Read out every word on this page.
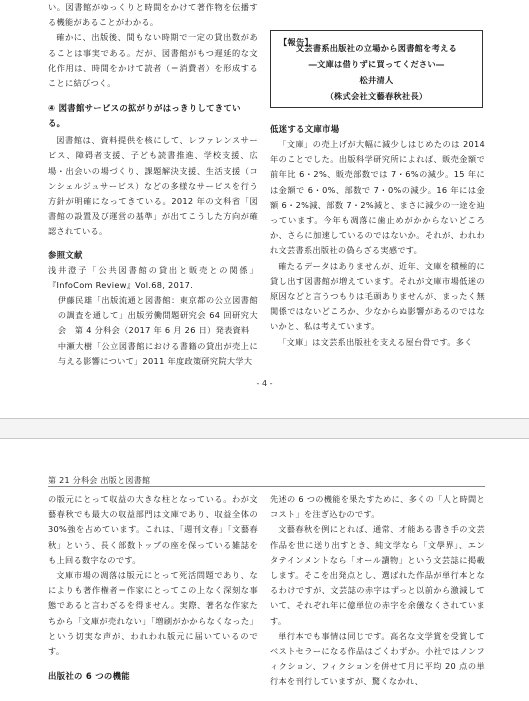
い。図書館がゆっくりと時間をかけて著作物を伝播する機能があることがわかる。

確かに、出版後、間もない時期で一定の貸出数があることは事実である。だが、図書館がもつ遅延的な文化作用は、時間をかけて読者（＝消費者）を形成することに結びつく。

④ 図書館サービスの拡がりがはっきりしてきている。

図書館は、資料提供を核にして、レファレンスサービス、障碍者支援、子ども読書推進、学校支援、広場・出会いの場づくり、課題解決支援、生活支援（コンシェルジュサービス）などの多様なサービスを行う方針が明確になってきている。2012 年の文科省「図書館の設置及び運営の基準」が出てこうした方向が確認されている。

参照文献

浅井澄子「公共図書館の貸出と販売との関係」『InfoCom Review』Vol.68, 2017.

伊藤民雄「出版流通と図書館：東京都の公立図書館の調査を通して」出版労働問題研究会 64 回研究大会　第 4 分科会（2017 年 6 月 26 日）発表資料

中瀬大樹「公立図書館における書籍の貸出が売上に与える影響について」2011 年度政策研究院大学大

【報告】
文芸書系出版社の立場から図書館を考える
―文庫は借りずに買ってください―
松井清人
（株式会社文藝春秋社長）
低迷する文庫市場

「文庫」の売上げが大幅に減少しはじめたのは 2014 年のことでした。出版科学研究所によれば、販売金額で前年比 6・2%、販売部数では 7・6%の減少。15 年には金額で 6・0%、部数で 7・0%の減少。16 年には金額 6・2%減、部数 7・2%減と、まさに減少の一途を辿っています。今年も凋落に歯止めがかからないどころか、さらに加速しているのではないか。それが、われわれ文芸書系出版社の偽らざる実感です。

確たるデータはありませんが、近年、文庫を積極的に貸し出す図書館が増えています。それが文庫市場低迷の原因などと言うつもりは毛頭ありませんが、まったく無関係ではないどころか、少なからぬ影響があるのではないかと、私は考えています。

「文庫」は文芸系出版社を支える屋台骨です。多く

- 4 -
第 21 分科会 出版と図書館

の版元にとって収益の大きな柱となっている。わが文藝春秋でも最大の収益部門は文庫であり、収益全体の 30%強を占めています。これは、「週刊文春」「文藝春秋」という、長く部数トップの座を保っている雑誌をも上回る数字なのです。

文庫市場の凋落は版元にとって死活問題であり、なによりも著作権者＝作家にとってこの上なく深刻な事態であると言わざるを得ません。実際、著名な作家たちから「文庫が売れない」「増刷がかからなくなった」という切実な声が、われわれ版元に届いているのです。

出版社の 6 つの機能

先述の 6 つの機能を果たすために、多くの「人と時間とコスト」を注ぎ込むのです。

文藝春秋を例にとれば、通常、才能ある書き手の文芸作品を世に送り出すとき、純文学なら「文學界」、エンタテインメントなら「オール讀物」という文芸誌に掲載します。そこを出発点とし、選ばれた作品が単行本となるわけですが、文芸誌の赤字はずっと以前から激減していて、それぞれ年に億単位の赤字を余儀なくされています。

単行本でも事情は同じです。高名な文学賞を受賞してベストセラーになる作品はごくわずか。小社ではノンフィクション、フィクションを併せて月に平均 20 点の単行本を刊行していますが、驚くなかれ、
